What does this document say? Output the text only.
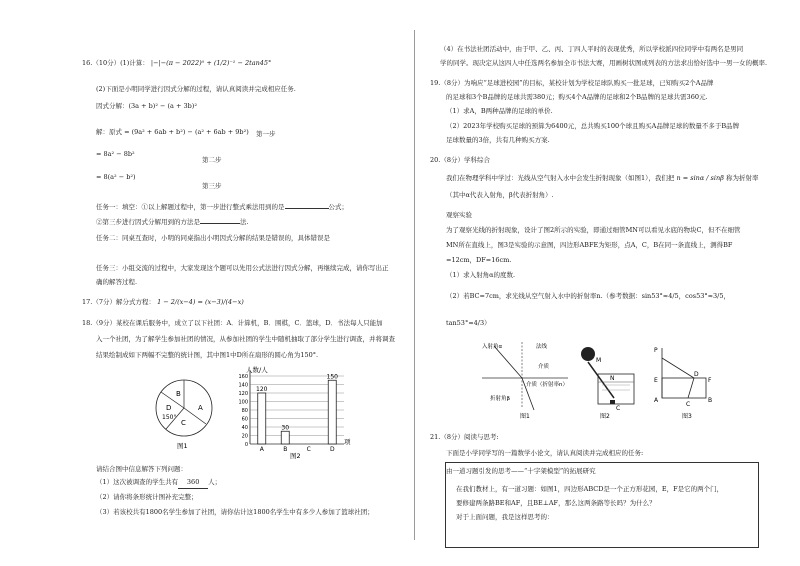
16.（10分）(1)计算： |−|−(π − 2022)⁰ + (1/2)⁻¹ − 2tan45°
(2)下面是小明同学进行因式分解的过程，请认真阅读并完成相应任务.
因式分解：(3a + b)² − (a + 3b)²
解：原式 = (9a² + 6ab + b²) − (a² + 6ab + 9b²) 第一步
= 8a² − 8b²
第二步
= 8(a² − b²)
第三步
任务一：填空：①以上解题过程中，第一步进行整式乘法用到的是	公式；
②第三步进行因式分解用到的方法是	法.
任务二：同桌互查时，小明的同桌指出小明因式分解的结果是错误的，具体错误是
任务三：小组交流的过程中，大家发现这个题可以先用公式法进行因式分解，再继续完成，请你写出正
确的解答过程.
17.（7分）解分式方程： 1 − 2/(x−4) = (x−3)/(4−x)
18.（9分）某校在课后服务中，成立了以下社团：A．计算机，B．围棋，C．篮球，D．书法每人只能加
入一个社团，为了解学生参加社团的情况，从参加社团的学生中随机抽取了部分学生进行调查，并将调查
结果绘制成如下两幅不完整的统计图，其中图1中D所在扇形的圆心角为150°.
B
A
D
150°
C
图1
人数/人
项
图2
0
20
40
60
80
100
120
140
160
120
A
30
B	C
150
D
请结合图中信息解答下列问题：
（1）这次被调查的学生共有 360 人；
（2）请你将条形统计图补充完整；
（3）若该校共有1800名学生参加了社团，请你估计这1800名学生中有多少人参加了篮球社团；
（4）在书法社团活动中，由于甲、乙、丙、丁四人平时的表现优秀，所以学校派四位同学中有两名是男同
学的同学。现决定从这四人中任选两名参加全市书法大赛，用画树状图或列表的方法求出恰好选中一男一女的概率.
19.（8分）为响应“足球进校园”的目标，某校计划为学校足球队购买一批足球，已知购买2个A品牌
的足球和3个B品牌的足球共需380元；购买4个A品牌的足球和2个B品牌的足球共需360元.
（1）求A，B两种品牌的足球的单价.
（2）2023年学校购买足球的预算为6400元，总共购买100个球且购买A品牌足球的数量不多于B品牌
足球数量的3倍，共有几种购买方案.
20.（8分）学科综合
我们在物理学科中学过：光线从空气射入水中会发生折射现象（如图1），我们把 n = sinα / sinβ 称为折射率
（其中α代表入射角，β代表折射角）.
观察实验
为了观察光线的折射现象，设计了图2所示的实验，即通过细管MN可以看见水底的物块C，但不在细管
MN所在直线上，图3是实验的示意图，四边形ABFE为矩形，点A，C，B在同一条直线上，测得BF
=12cm，DF=16cm.
（1）求入射角α的度数.
（2）若BC=7cm，求光线从空气射入水中的折射率n.（参考数据：sin53°≈4/5，cos53°≈3/5，
tan53°≈4/3）
入射角α	法线
介质
介质（折射率n）
折射角β
图1
M
N
C
图2
P
E
A
D
F
B
C
图3
21.（8分）阅读与思考:
下面是小学同学写的一篇数学小论文，请认真阅读并完成相应的任务:
由一道习题引发的思考——“十字架模型”的拓展研究
在我们教材上，有一道习题：如图1，四边形ABCD是一个正方形花园，E，F是它的两个门，
要修建两条路BE和AF，且BE⊥AF，那么这两条路等长吗？为什么？
对于上面问题，我是这样思考的：
